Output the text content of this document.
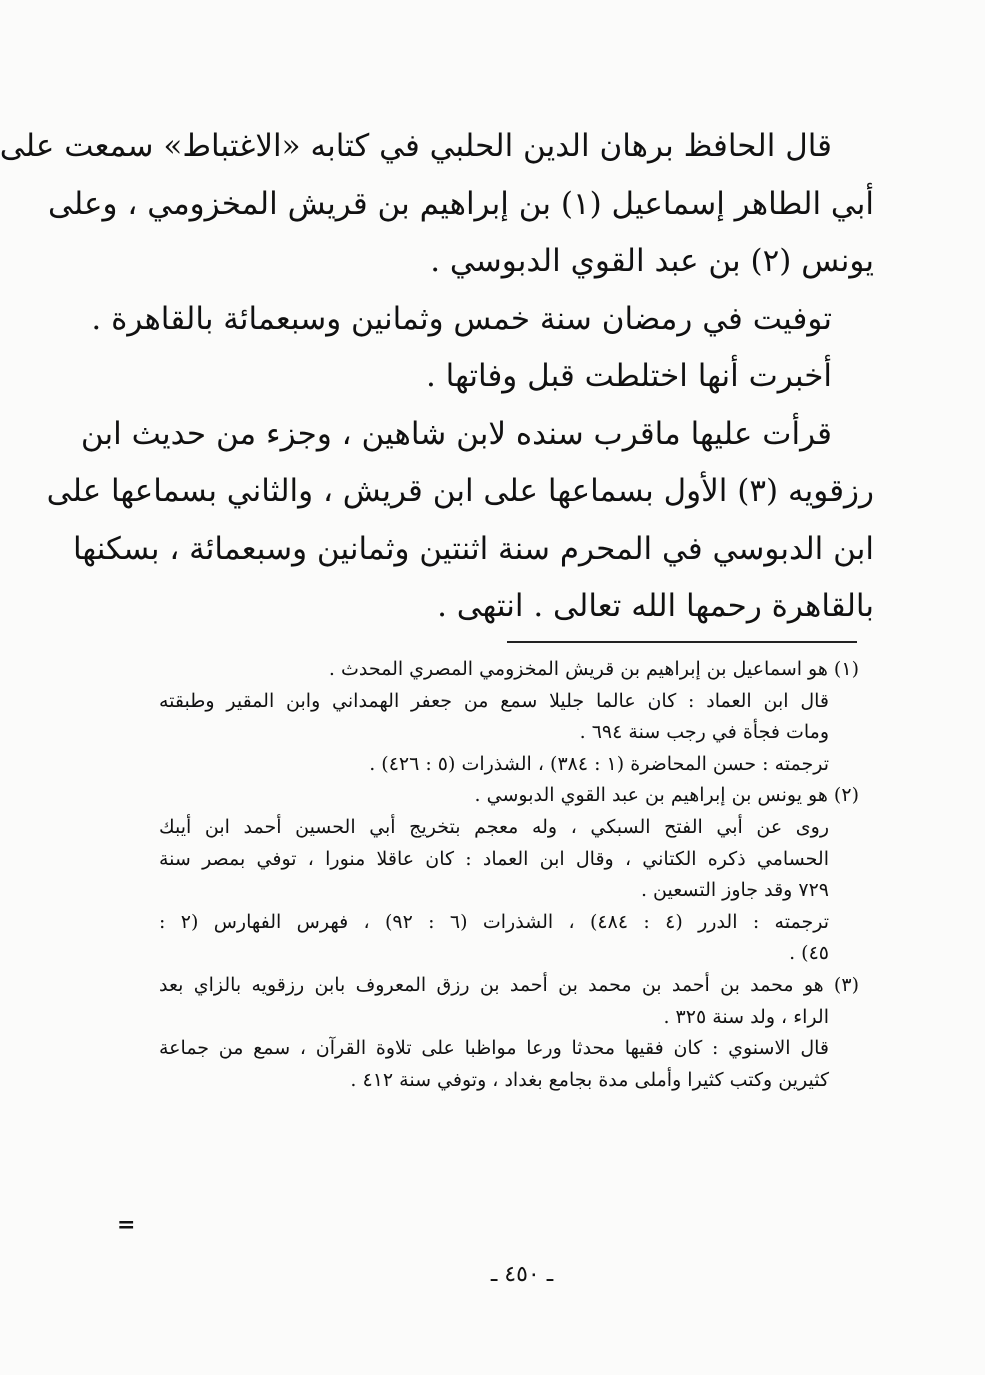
قال الحافظ برهان الدين الحلبي في كتابه «الاغتباط» سمعت على
أبي الطاهر إسماعيل (١) بن إبراهيم بن قريش المخزومي ، وعلى
يونس (٢) بن عبد القوي الدبوسي .
توفيت في رمضان سنة خمس وثمانين وسبعمائة بالقاهرة .
أخبرت أنها اختلطت قبل وفاتها .
قرأت عليها ماقرب سنده لابن شاهين ، وجزء من حديث ابن
رزقويه (٣) الأول بسماعها على ابن قريش ، والثاني بسماعها على
ابن الدبوسي في المحرم سنة اثنتين وثمانين وسبعمائة ، بسكنها
بالقاهرة رحمها الله تعالى . انتهى .
(١) هو اسماعيل بن إبراهيم بن قريش المخزومي المصري المحدث .
قال ابن العماد : كان عالما جليلا سمع من جعفر الهمداني وابن المقير وطبقته
ومات فجأة في رجب سنة ٦٩٤ .
ترجمته : حسن المحاضرة (١ : ٣٨٤) ، الشذرات (٥ : ٤٢٦) .
(٢) هو يونس بن إبراهيم بن عبد القوي الدبوسي .
روى عن أبي الفتح السبكي ، وله معجم بتخريج أبي الحسين أحمد ابن أيبك
الحسامي ذكره الكتاني ، وقال ابن العماد : كان عاقلا منورا ، توفي بمصر سنة
٧٢٩ وقد جاوز التسعين .
ترجمته : الدرر (٤ : ٤٨٤) ، الشذرات (٦ : ٩٢) ، فهرس الفهارس (٢ :
٤٥) .
(٣) هو محمد بن أحمد بن محمد بن أحمد بن رزق المعروف بابن رزقويه بالزاي بعد
الراء ، ولد سنة ٣٢٥ .
قال الاسنوي : كان فقيها محدثا ورعا مواظبا على تلاوة القرآن ، سمع من جماعة
كثيرين وكتب كثيرا وأملى مدة بجامع بغداد ، وتوفي سنة ٤١٢ .
=
ـ ٤٥٠ ـ
